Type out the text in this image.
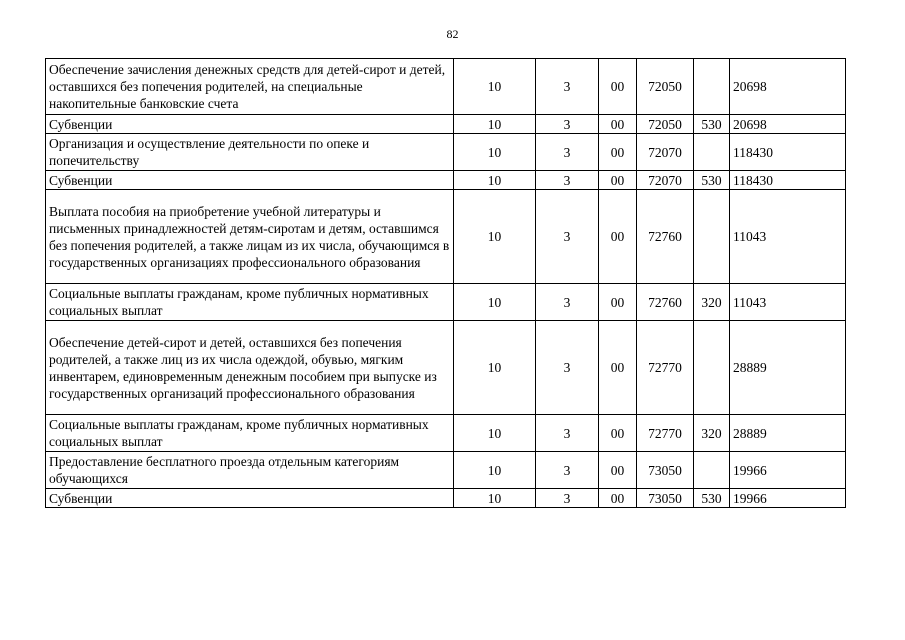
82
Обеспечение зачисления денежных средств для детей-сирот и детей, оставшихся без попечения родителей, на специальные накопительные банковские счета	10	3	00	72050		20698
Субвенции	10	3	00	72050	530	20698
Организация и осуществление деятельности по опеке и попечительству	10	3	00	72070		118430
Субвенции	10	3	00	72070	530	118430
Выплата пособия на приобретение учебной литературы и письменных принадлежностей детям-сиротам и детям, оставшимся без попечения родителей, а также лицам из их числа, обучающимся в государственных организациях профессионального образования	10	3	00	72760		11043
Социальные выплаты гражданам, кроме публичных нормативных социальных выплат	10	3	00	72760	320	11043
Обеспечение детей-сирот и детей, оставшихся без попечения родителей, а также лиц из их числа одеждой, обувью, мягким инвентарем, единовременным денежным пособием при выпуске из государственных организаций профессионального образования	10	3	00	72770		28889
Социальные выплаты гражданам, кроме публичных нормативных социальных выплат	10	3	00	72770	320	28889
Предоставление бесплатного проезда отдельным категориям обучающихся	10	3	00	73050		19966
Субвенции	10	3	00	73050	530	19966
